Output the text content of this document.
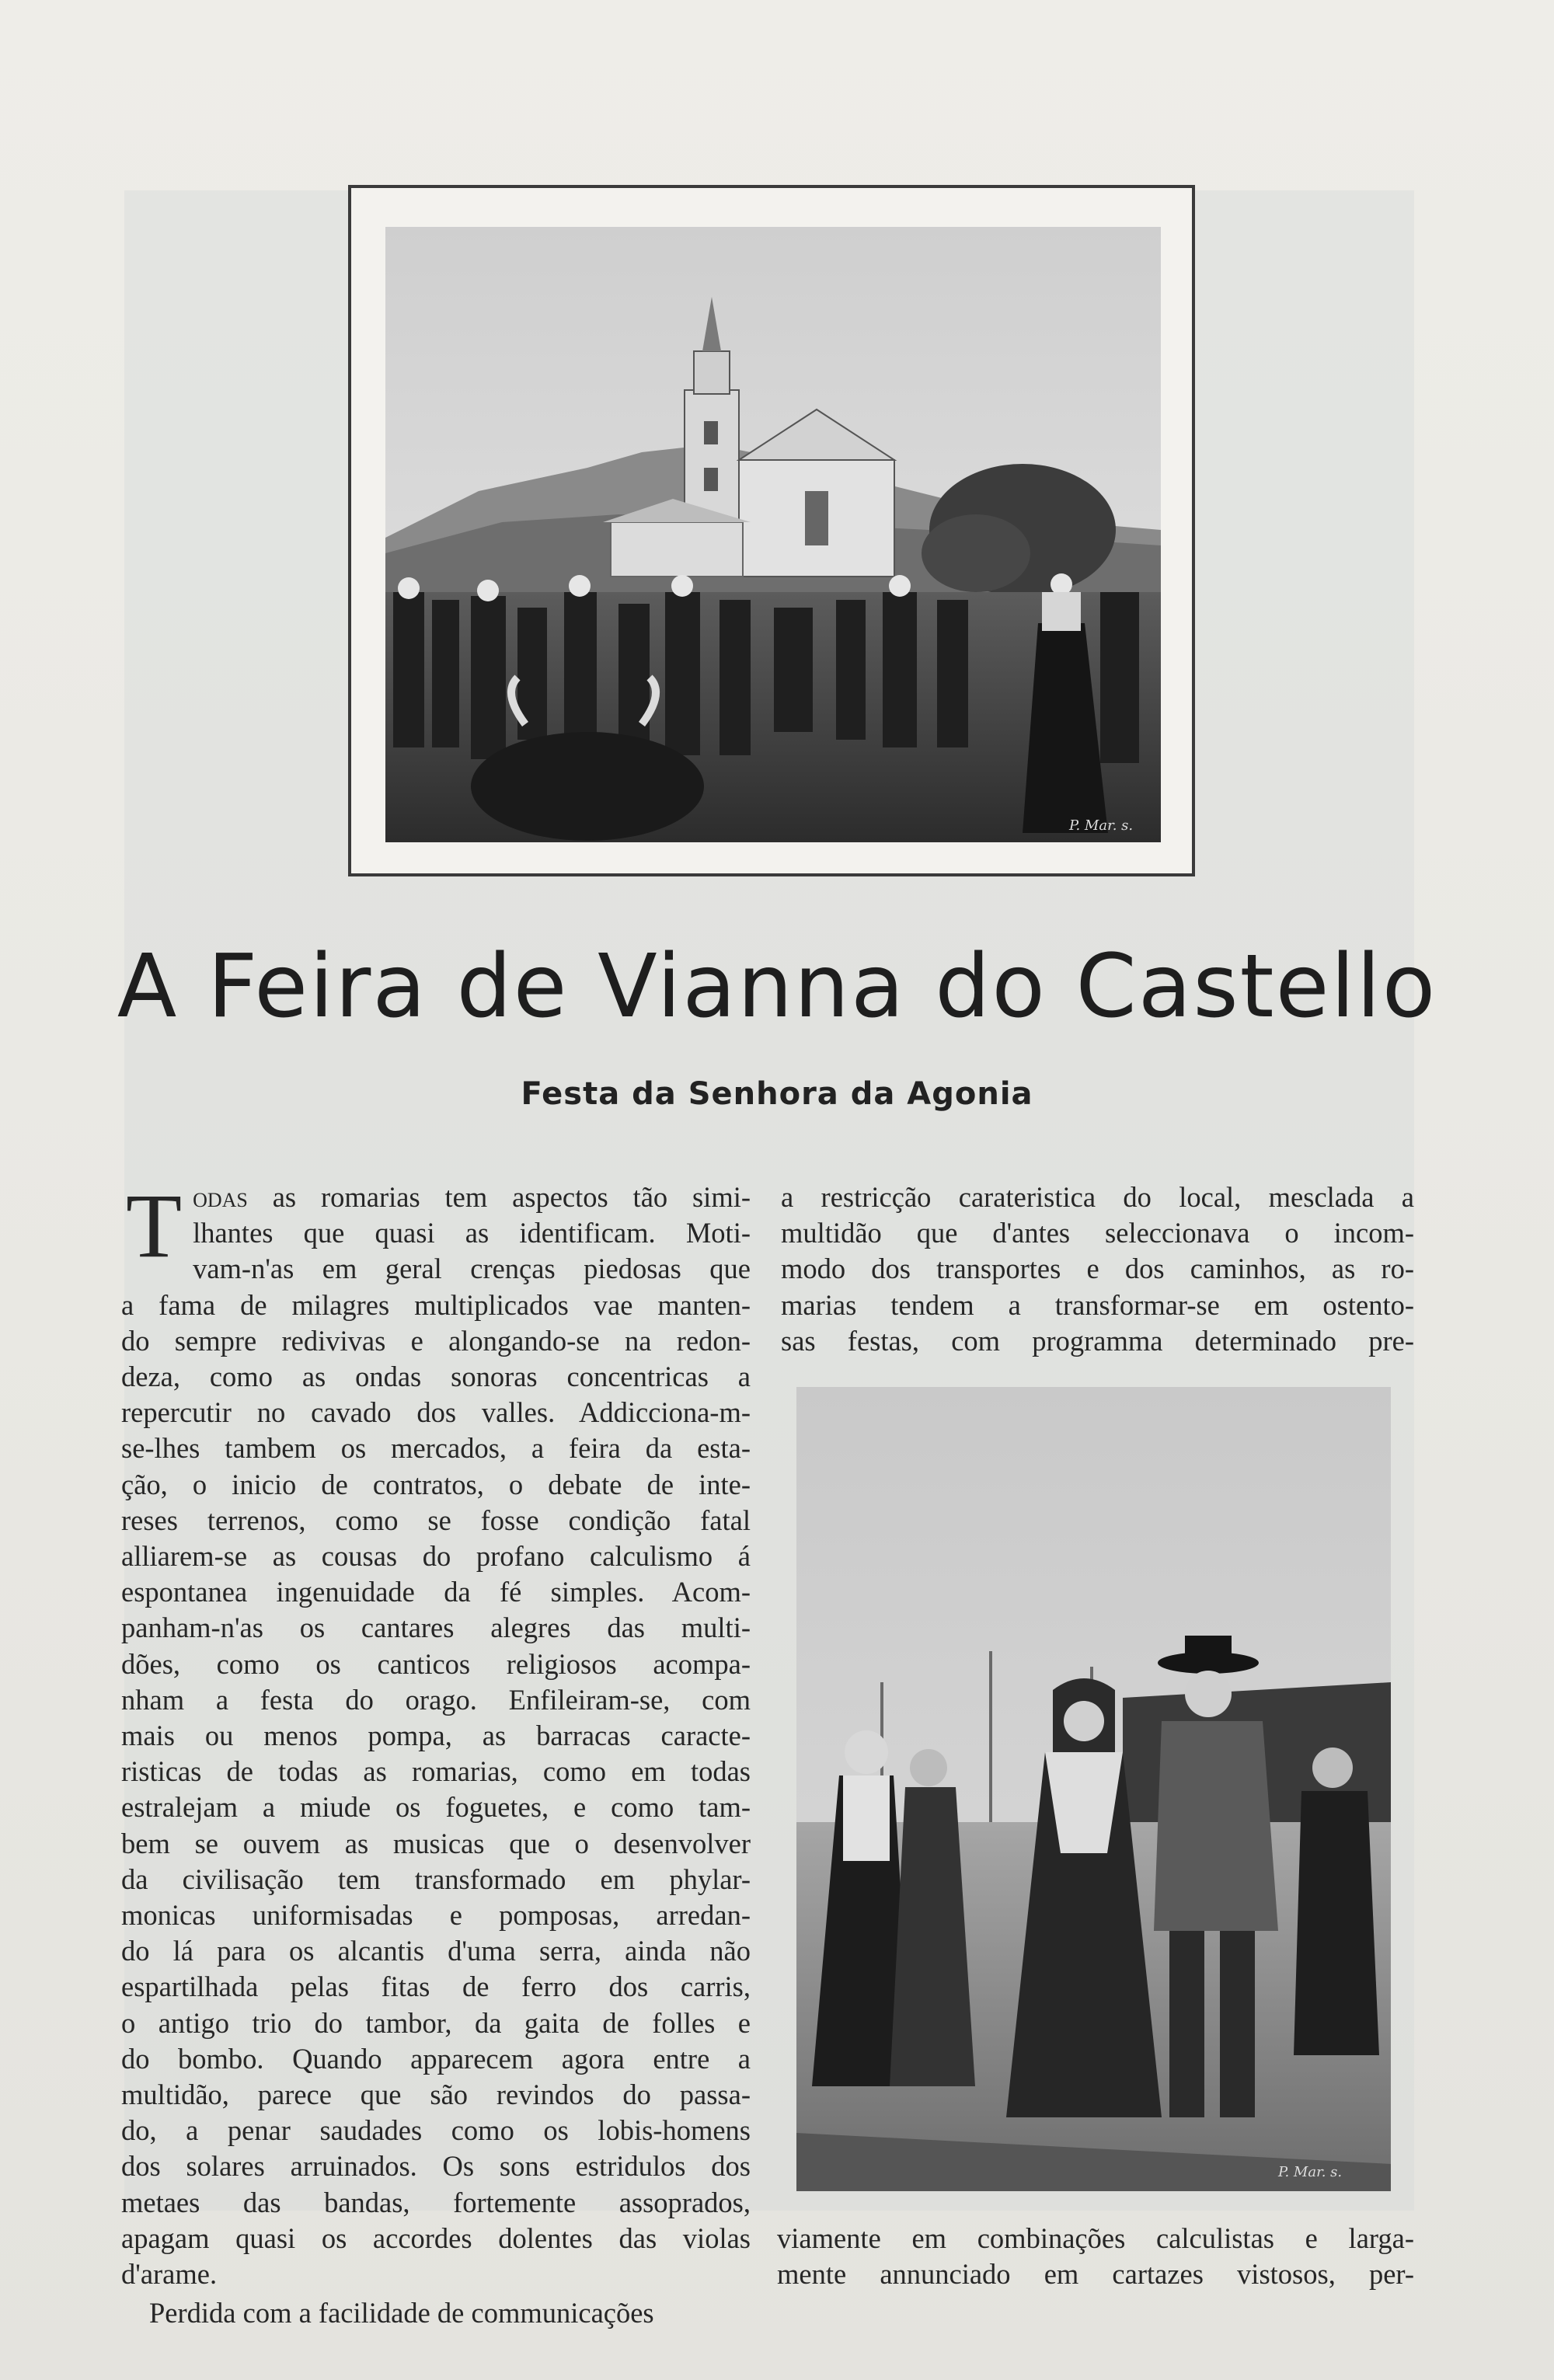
P. Mar. s.
A Feira de Vianna do Castello
Festa da Senhora da Agonia
T odas as romarias tem aspectos tão simi-
lhantes que quasi as identificam. Moti-
vam-n'as em geral crenças piedosas que
a fama de milagres multiplicados vae manten-
do sempre redivivas e alongando-se na redon-
deza, como as ondas sonoras concentricas a
repercutir no cavado dos valles. Addicciona-m-
se-lhes tambem os mercados, a feira da esta-
ção, o inicio de contratos, o debate de inte-
reses terrenos, como se fosse condição fatal
alliarem-se as cousas do profano calculismo á
espontanea ingenuidade da fé simples. Acom-
panham-n'as os cantares alegres das multi-
dões, como os canticos religiosos acompa-
nham a festa do orago. Enfileiram-se, com
mais ou menos pompa, as barracas caracte-
risticas de todas as romarias, como em todas
estralejam a miude os foguetes, e como tam-
bem se ouvem as musicas que o desenvolver
da civilisação tem transformado em phylar-
monicas uniformisadas e pomposas, arredan-
do lá para os alcantis d'uma serra, ainda não
espartilhada pelas fitas de ferro dos carris,
o antigo trio do tambor, da gaita de folles e
do bombo. Quando apparecem agora entre a
multidão, parece que são revindos do passa-
do, a penar saudades como os lobis-homens
dos solares arruinados. Os sons estridulos dos
metaes das bandas, fortemente assoprados,
apagam quasi os accordes dolentes das violas
d'arame.
Perdida com a facilidade de communicações
a restricção carateristica do local, mesclada a
multidão que d'antes seleccionava o incom-
modo dos transportes e dos caminhos, as ro-
marias tendem a transformar-se em ostento-
sas festas, com programma determinado pre-
P. Mar. s.
viamente em combinações calculistas e larga-
mente annunciado em cartazes vistosos, per-
